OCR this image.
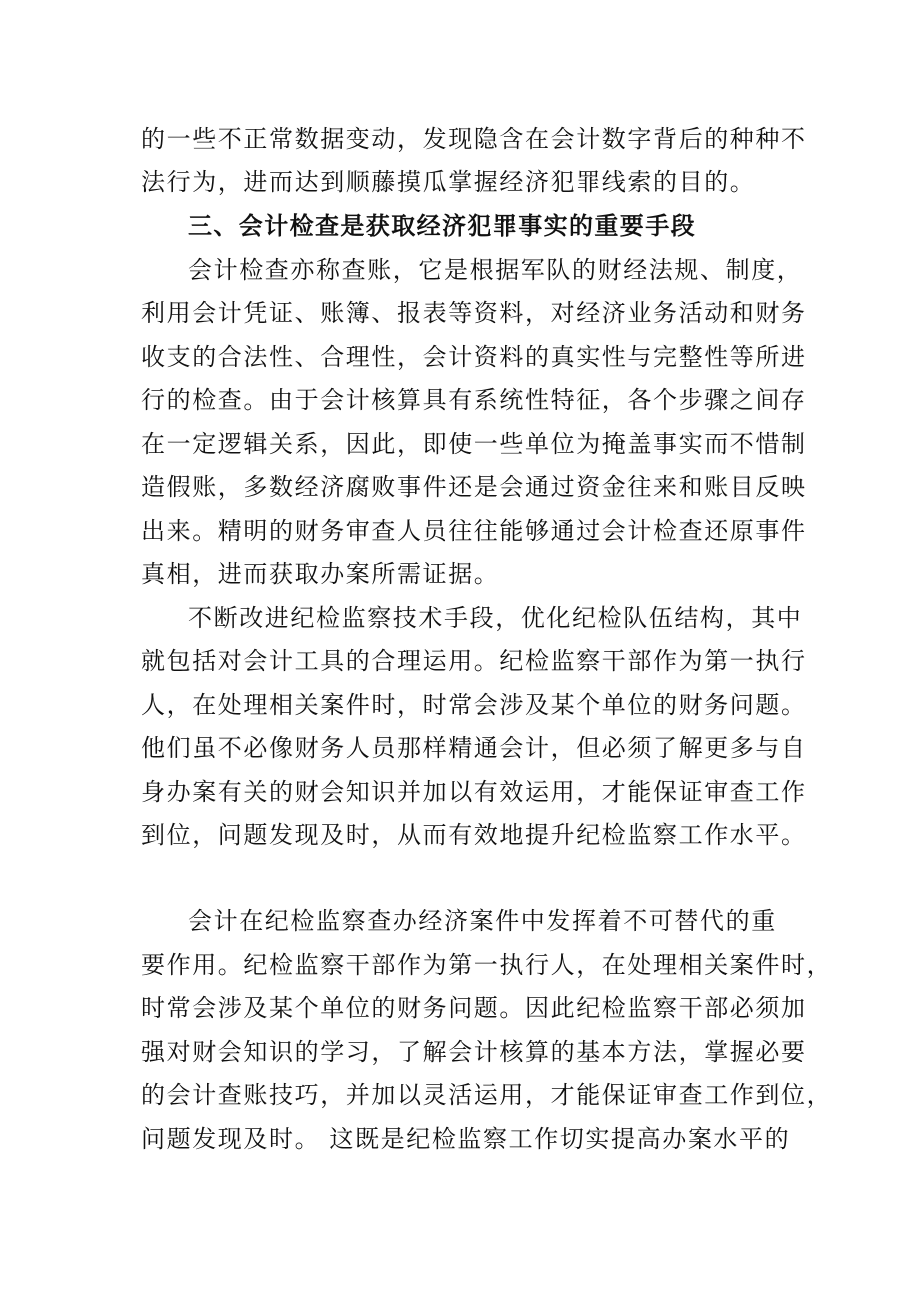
的一些不正常数据变动，发现隐含在会计数字背后的种种不

法行为，进而达到顺藤摸瓜掌握经济犯罪线索的目的。

三、会计检查是获取经济犯罪事实的重要手段

会计检查亦称查账，它是根据军队的财经法规、制度，

利用会计凭证、账簿、报表等资料，对经济业务活动和财务

收支的合法性、合理性，会计资料的真实性与完整性等所进

行的检查。由于会计核算具有系统性特征，各个步骤之间存

在一定逻辑关系，因此，即使一些单位为掩盖事实而不惜制

造假账，多数经济腐败事件还是会通过资金往来和账目反映

出来。精明的财务审查人员往往能够通过会计检查还原事件

真相，进而获取办案所需证据。

不断改进纪检监察技术手段，优化纪检队伍结构，其中

就包括对会计工具的合理运用。纪检监察干部作为第一执行

人，在处理相关案件时，时常会涉及某个单位的财务问题。

他们虽不必像财务人员那样精通会计，但必须了解更多与自

身办案有关的财会知识并加以有效运用，才能保证审查工作

到位，问题发现及时，从而有效地提升纪检监察工作水平。

会计在纪检监察查办经济案件中发挥着不可替代的重

要作用。纪检监察干部作为第一执行人，在处理相关案件时，

时常会涉及某个单位的财务问题。因此纪检监察干部必须加

强对财会知识的学习，了解会计核算的基本方法，掌握必要

的会计查账技巧，并加以灵活运用，才能保证审查工作到位，

问题发现及时。 这既是纪检监察工作切实提高办案水平的
